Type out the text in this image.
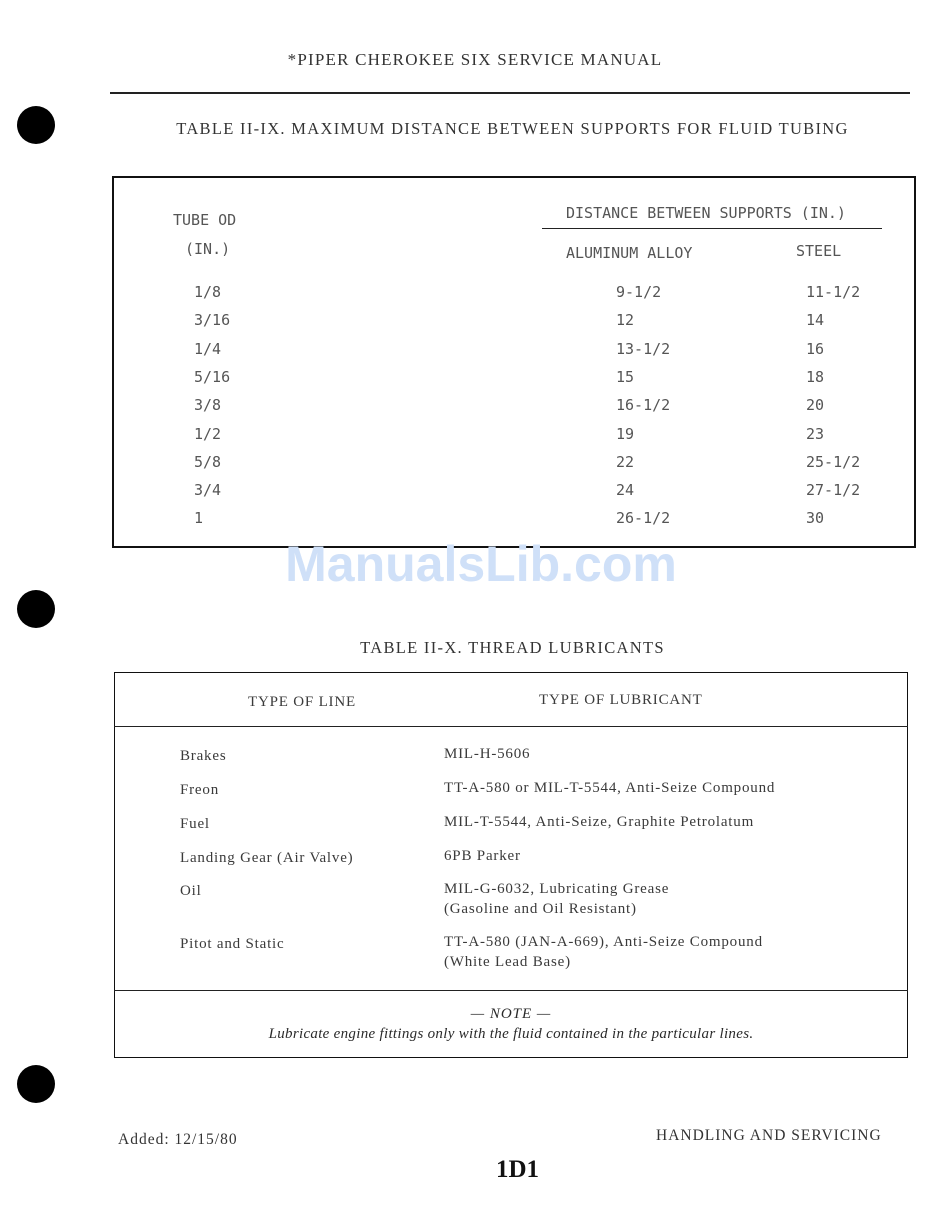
*PIPER CHEROKEE SIX SERVICE MANUAL
TABLE II-IX. MAXIMUM DISTANCE BETWEEN SUPPORTS FOR FLUID TUBING
TUBE OD
(IN.)
DISTANCE BETWEEN SUPPORTS (IN.)
ALUMINUM ALLOY	STEEL
1/8	9-1/2	11-1/2
3/16	12	14
1/4	13-1/2	16
5/16	15	18
3/8	16-1/2	20
1/2	19	23
5/8	22	25-1/2
3/4	24	27-1/2
1	26-1/2	30
ManualsLib.com
TABLE II-X. THREAD LUBRICANTS
TYPE OF LINE	TYPE OF LUBRICANT
Brakes	MIL-H-5606
Freon	TT-A-580 or MIL-T-5544, Anti-Seize Compound
Fuel	MIL-T-5544, Anti-Seize, Graphite Petrolatum
Landing Gear (Air Valve)	6PB Parker
Oil	MIL-G-6032, Lubricating Grease
(Gasoline and Oil Resistant)
Pitot and Static	TT-A-580 (JAN-A-669), Anti-Seize Compound
(White Lead Base)
— NOTE —
Lubricate engine fittings only with the fluid contained in the particular lines.
Added: 12/15/80	HANDLING AND SERVICING
1D1
